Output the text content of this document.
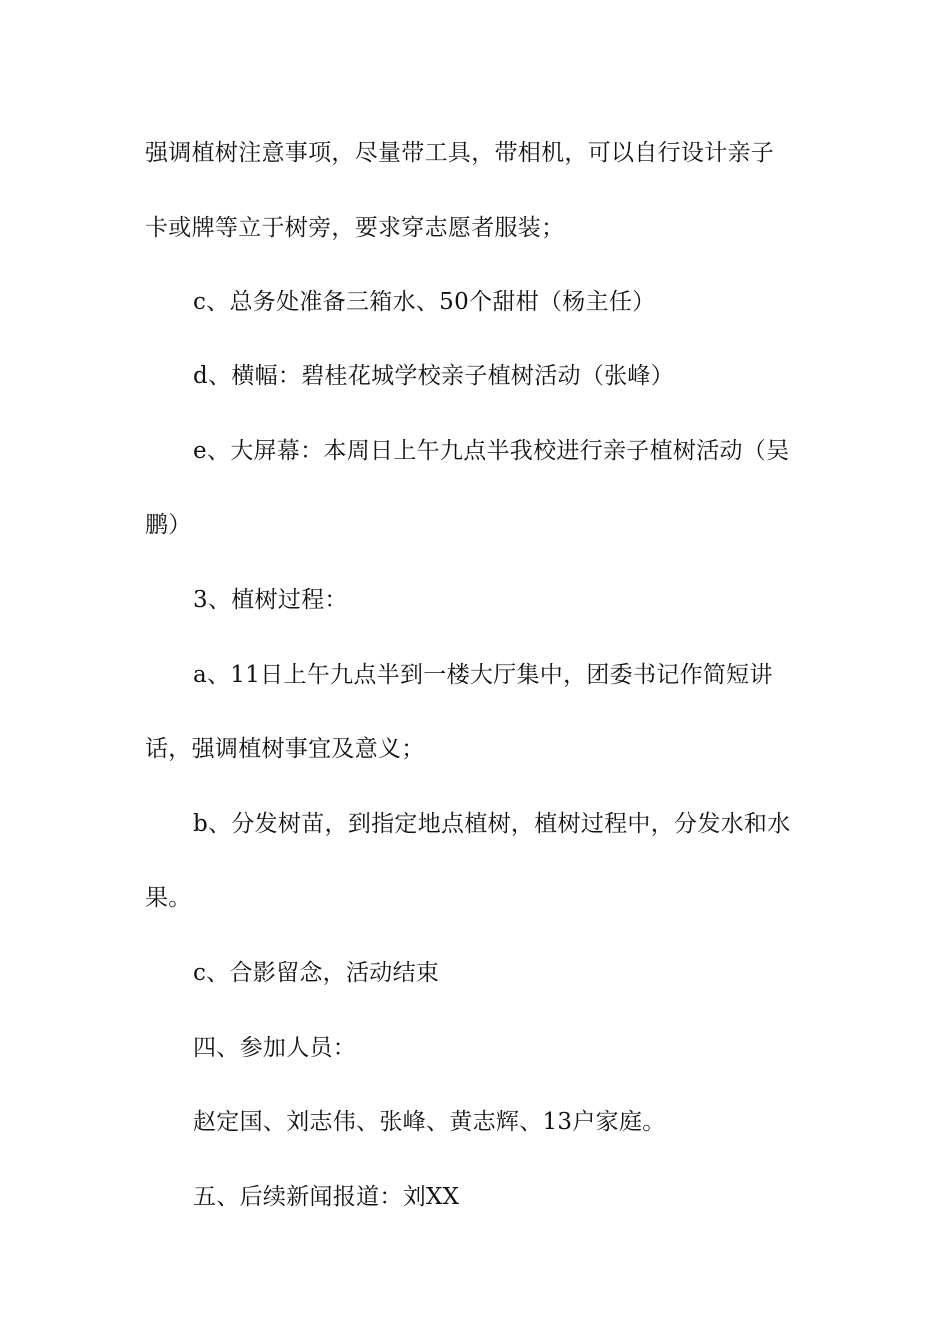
强调植树注意事项，尽量带工具，带相机，可以自行设计亲子
卡或牌等立于树旁，要求穿志愿者服装；
c、总务处准备三箱水、50个甜柑（杨主任）
d、横幅：碧桂花城学校亲子植树活动（张峰）
e、大屏幕：本周日上午九点半我校进行亲子植树活动（吴
鹏）
3、植树过程：
a、11日上午九点半到一楼大厅集中，团委书记作简短讲
话，强调植树事宜及意义；
b、分发树苗，到指定地点植树，植树过程中，分发水和水
果。
c、合影留念，活动结束
四、参加人员：
赵定国、刘志伟、张峰、黄志辉、13户家庭。
五、后续新闻报道：刘XX
